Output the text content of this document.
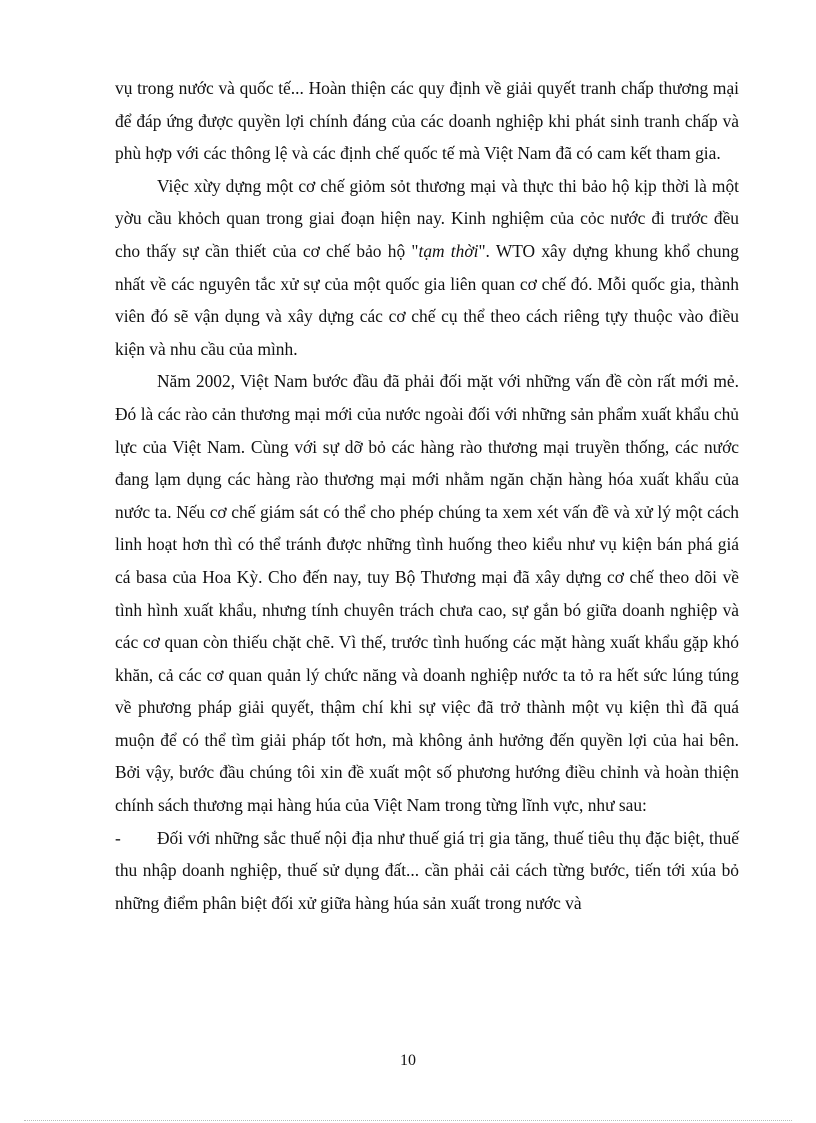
vụ trong nước và quốc tế... Hoàn thiện các quy định về giải quyết tranh chấp thương mại để đáp ứng được quyền lợi chính đáng của các doanh nghiệp khi phát sinh tranh chấp và phù hợp với các thông lệ và các định chế quốc tế mà Việt Nam đã có cam kết tham gia.

Việc xừy dựng một cơ chế giỏm sỏt thương mại và thực thi bảo hộ kịp thời là một yờu cầu khỏch quan trong giai đoạn hiện nay. Kinh nghiệm của cỏc nước đi trước đều cho thấy sự cần thiết của cơ chế bảo hộ "tạm thời". WTO xây dựng khung khổ chung nhất về các nguyên tắc xử sự của một quốc gia liên quan cơ chế đó. Mỗi quốc gia, thành viên đó sẽ vận dụng và xây dựng các cơ chế cụ thể theo cách riêng tựy thuộc vào điều kiện và nhu cầu của mình.

Năm 2002, Việt Nam bước đầu đã phải đối mặt với những vấn đề còn rất mới mẻ. Đó là các rào cản thương mại mới của nước ngoài đối với những sản phẩm xuất khẩu chủ lực của Việt Nam. Cùng với sự dỡ bỏ các hàng rào thương mại truyền thống, các nước đang lạm dụng các hàng rào thương mại mới nhằm ngăn chặn hàng hóa xuất khẩu của nước ta. Nếu cơ chế giám sát có thể cho phép chúng ta xem xét vấn đề và xử lý một cách linh hoạt hơn thì có thể tránh được những tình huống theo kiểu như vụ kiện bán phá giá cá basa của Hoa Kỳ. Cho đến nay, tuy Bộ Thương mại đã xây dựng cơ chế theo dõi về tình hình xuất khẩu, nhưng tính chuyên trách chưa cao, sự gắn bó giữa doanh nghiệp và các cơ quan còn thiếu chặt chẽ. Vì thế, trước tình huống các mặt hàng xuất khẩu gặp khó khăn, cả các cơ quan quản lý chức năng và doanh nghiệp nước ta tỏ ra hết sức lúng túng về phương pháp giải quyết, thậm chí khi sự việc đã trở thành một vụ kiện thì đã quá muộn để có thể tìm giải pháp tốt hơn, mà không ảnh hưởng đến quyền lợi của hai bên. Bởi vậy, bước đầu chúng tôi xin đề xuất một số phương hướng điều chỉnh và hoàn thiện chính sách thương mại hàng húa của Việt Nam trong từng lĩnh vực, như sau:

- Đối với những sắc thuế nội địa như thuế giá trị gia tăng, thuế tiêu thụ đặc biệt, thuế thu nhập doanh nghiệp, thuế sử dụng đất... cần phải cải cách từng bước, tiến tới xúa bỏ những điểm phân biệt đối xử giữa hàng húa sản xuất trong nước và

10
